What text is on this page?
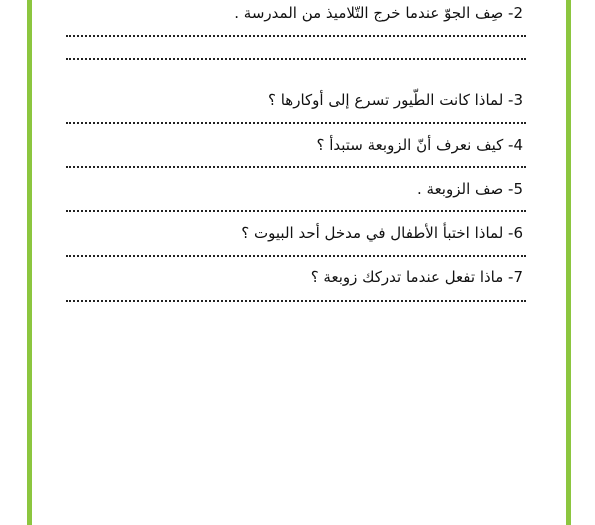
2- صِف الجوّ عندما خرج التّلاميذ من المدرسة .
3- لماذا كانت الطّيور تسرع إلى أوكارها ؟
4- كيف نعرف أنّ الزوبعة ستبدأ ؟
5- صف الزوبعة .
6- لماذا اختبأ الأطفال في مدخل أحد البيوت ؟
7- ماذا تفعل عندما تدركك زوبعة ؟
